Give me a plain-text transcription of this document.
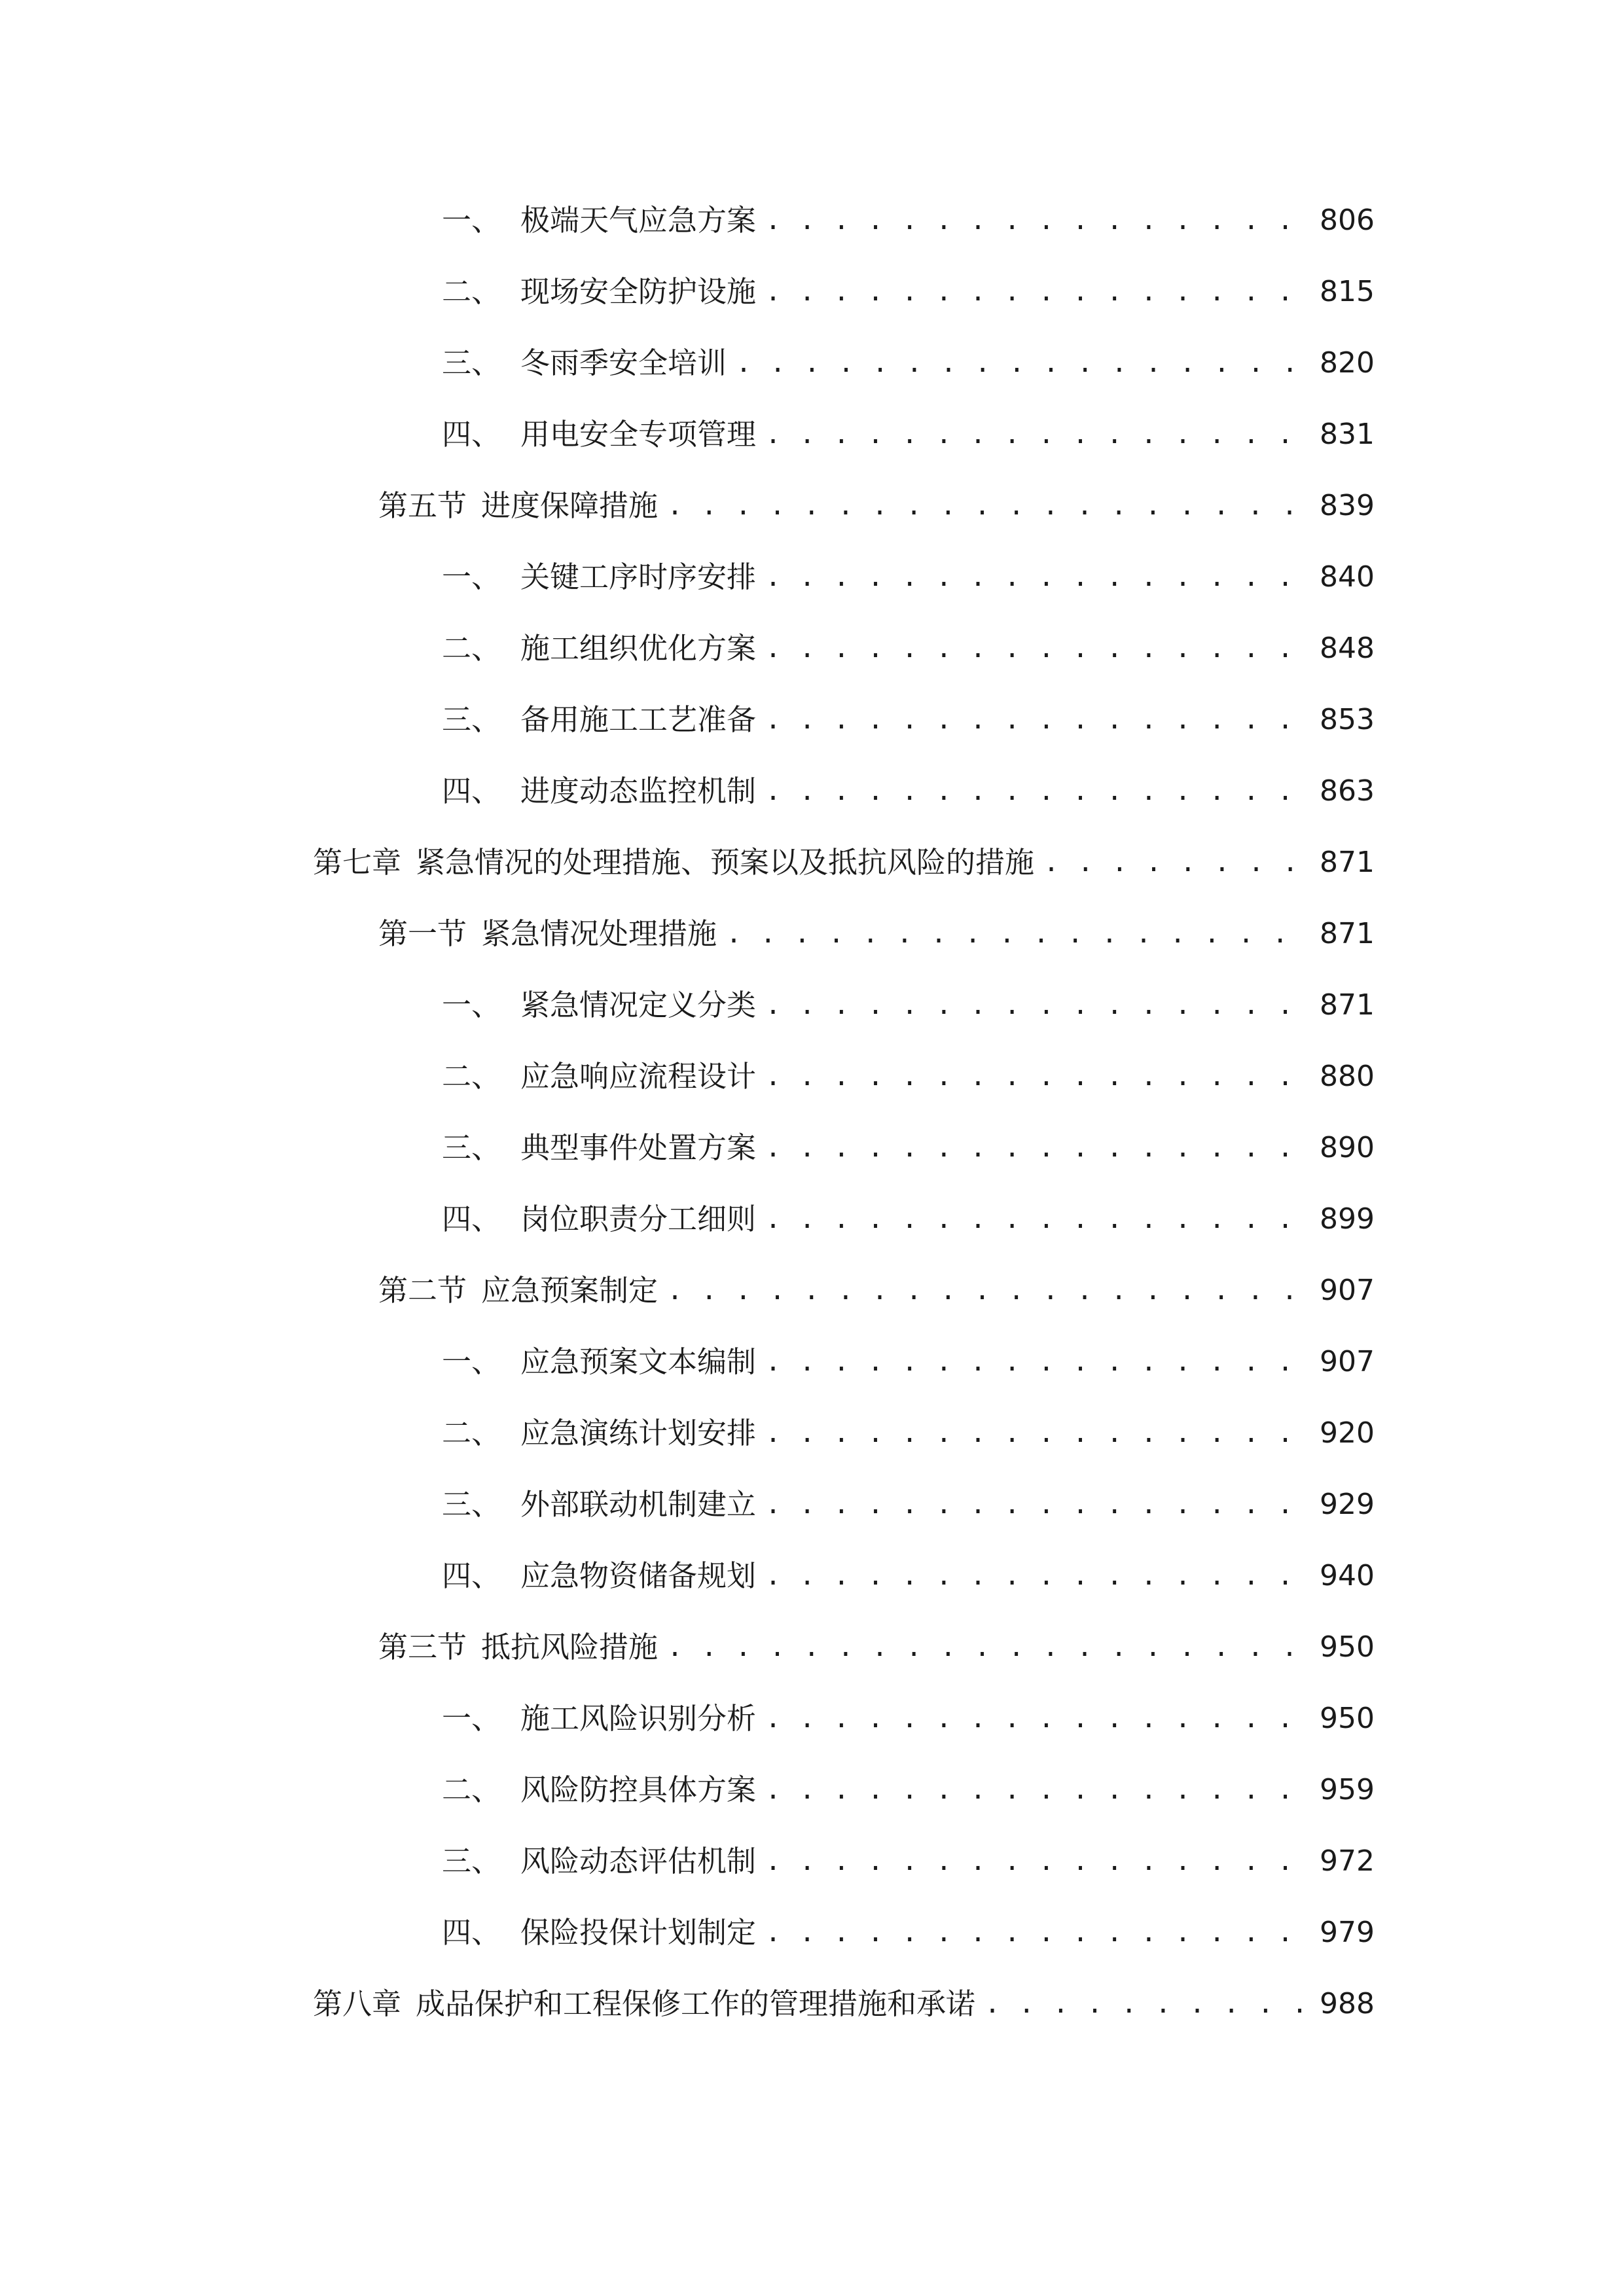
一、 极端天气应急方案 . . .	806
二、 现场安全防护设施 . . .	815
三、 冬雨季安全培训 . . .	820
四、 用电安全专项管理 . . .	831
第五节 进度保障措施 . . .	839
一、 关键工序时序安排 . . .	840
二、 施工组织优化方案 . . .	848
三、 备用施工工艺准备 . . .	853
四、 进度动态监控机制 . . .	863
第七章 紧急情况的处理措施、预案以及抵抗风险的措施 . . .	871
第一节 紧急情况处理措施 . . .	871
一、 紧急情况定义分类 . . .	871
二、 应急响应流程设计 . . .	880
三、 典型事件处置方案 . . .	890
四、 岗位职责分工细则 . . .	899
第二节 应急预案制定 . . .	907
一、 应急预案文本编制 . . .	907
二、 应急演练计划安排 . . .	920
三、 外部联动机制建立 . . .	929
四、 应急物资储备规划 . . .	940
第三节 抵抗风险措施 . . .	950
一、 施工风险识别分析 . . .	950
二、 风险防控具体方案 . . .	959
三、 风险动态评估机制 . . .	972
四、 保险投保计划制定 . . .	979
第八章 成品保护和工程保修工作的管理措施和承诺 . . .	988
